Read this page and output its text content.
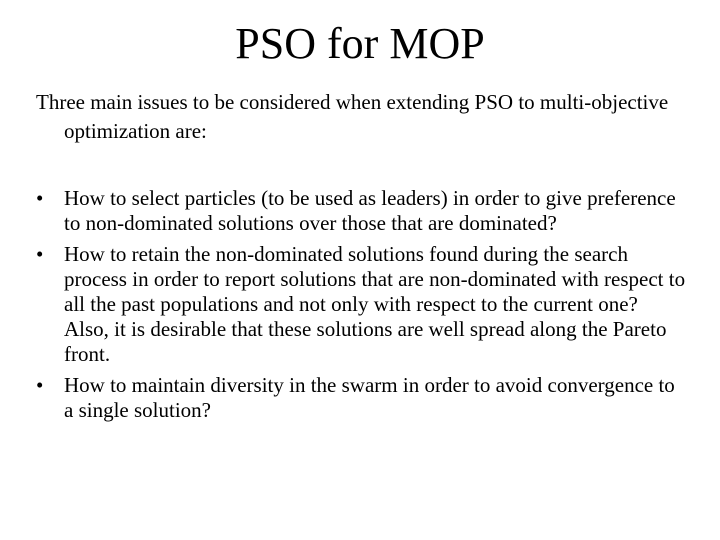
PSO for MOP
Three main issues to be considered when extending PSO to multi-objective optimization are:
• How to select particles (to be used as leaders) in order to give preference to non-dominated solutions over those that are dominated?
• How to retain the non-dominated solutions found during the search process in order to report solutions that are non-dominated with respect to all the past populations and not only with respect to the current one? Also, it is desirable that these solutions are well spread along the Pareto front.
• How to maintain diversity in the swarm in order to avoid convergence to a single solution?
